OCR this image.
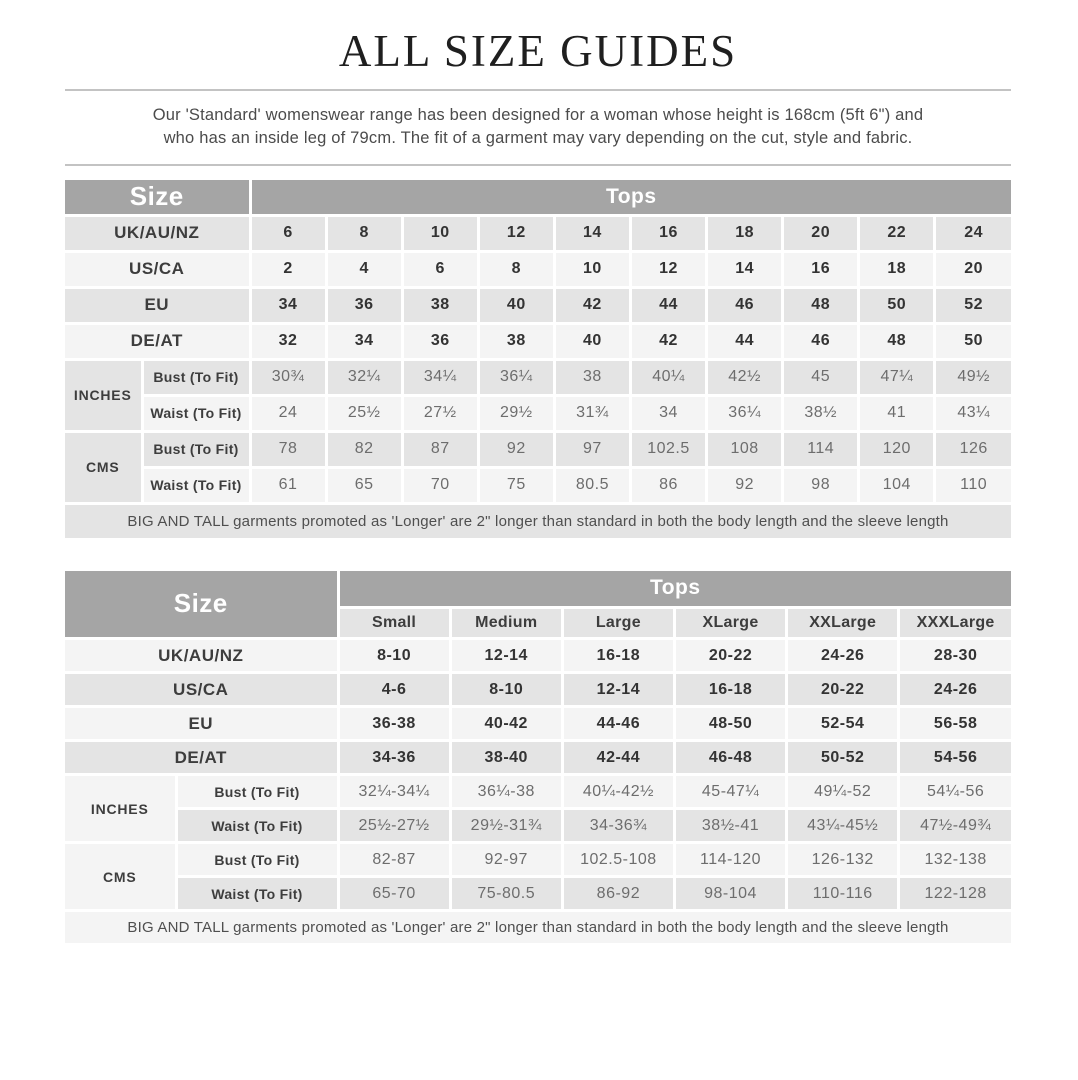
ALL SIZE GUIDES

Our 'Standard' womenswear range has been designed for a woman whose height is 168cm (5ft 6") and
who has an inside leg of 79cm. The fit of a garment may vary depending on the cut, style and fabric.

Size		Tops									
UK/AU/NZ		6	8	10	12	14	16	18	20	22	24
US/CA		2	4	6	8	10	12	14	16	18	20
EU		34	36	38	40	42	44	46	48	50	52
DE/AT		32	34	36	38	40	42	44	46	48	50
INCHES	Bust (To Fit)	30¾	32¼	34¼	36¼	38	40¼	42½	45	47¼	49½
	Waist (To Fit)	24	25½	27½	29½	31¾	34	36¼	38½	41	43¼
CMS	Bust (To Fit)	78	82	87	92	97	102.5	108	114	120	126
	Waist (To Fit)	61	65	70	75	80.5	86	92	98	104	110
BIG AND TALL garments promoted as 'Longer' are 2" longer than standard in both the body length and the sleeve length											
Size		Tops					
		Small	Medium	Large	XLarge	XXLarge	XXXLarge
UK/AU/NZ		8-10	12-14	16-18	20-22	24-26	28-30
US/CA		4-6	8-10	12-14	16-18	20-22	24-26
EU		36-38	40-42	44-46	48-50	52-54	56-58
DE/AT		34-36	38-40	42-44	46-48	50-52	54-56
INCHES	Bust (To Fit)	32¼-34¼	36¼-38	40¼-42½	45-47¼	49¼-52	54¼-56
	Waist (To Fit)	25½-27½	29½-31¾	34-36¾	38½-41	43¼-45½	47½-49¾
CMS	Bust (To Fit)	82-87	92-97	102.5-108	114-120	126-132	132-138
	Waist (To Fit)	65-70	75-80.5	86-92	98-104	110-116	122-128
BIG AND TALL garments promoted as 'Longer' are 2" longer than standard in both the body length and the sleeve length							
